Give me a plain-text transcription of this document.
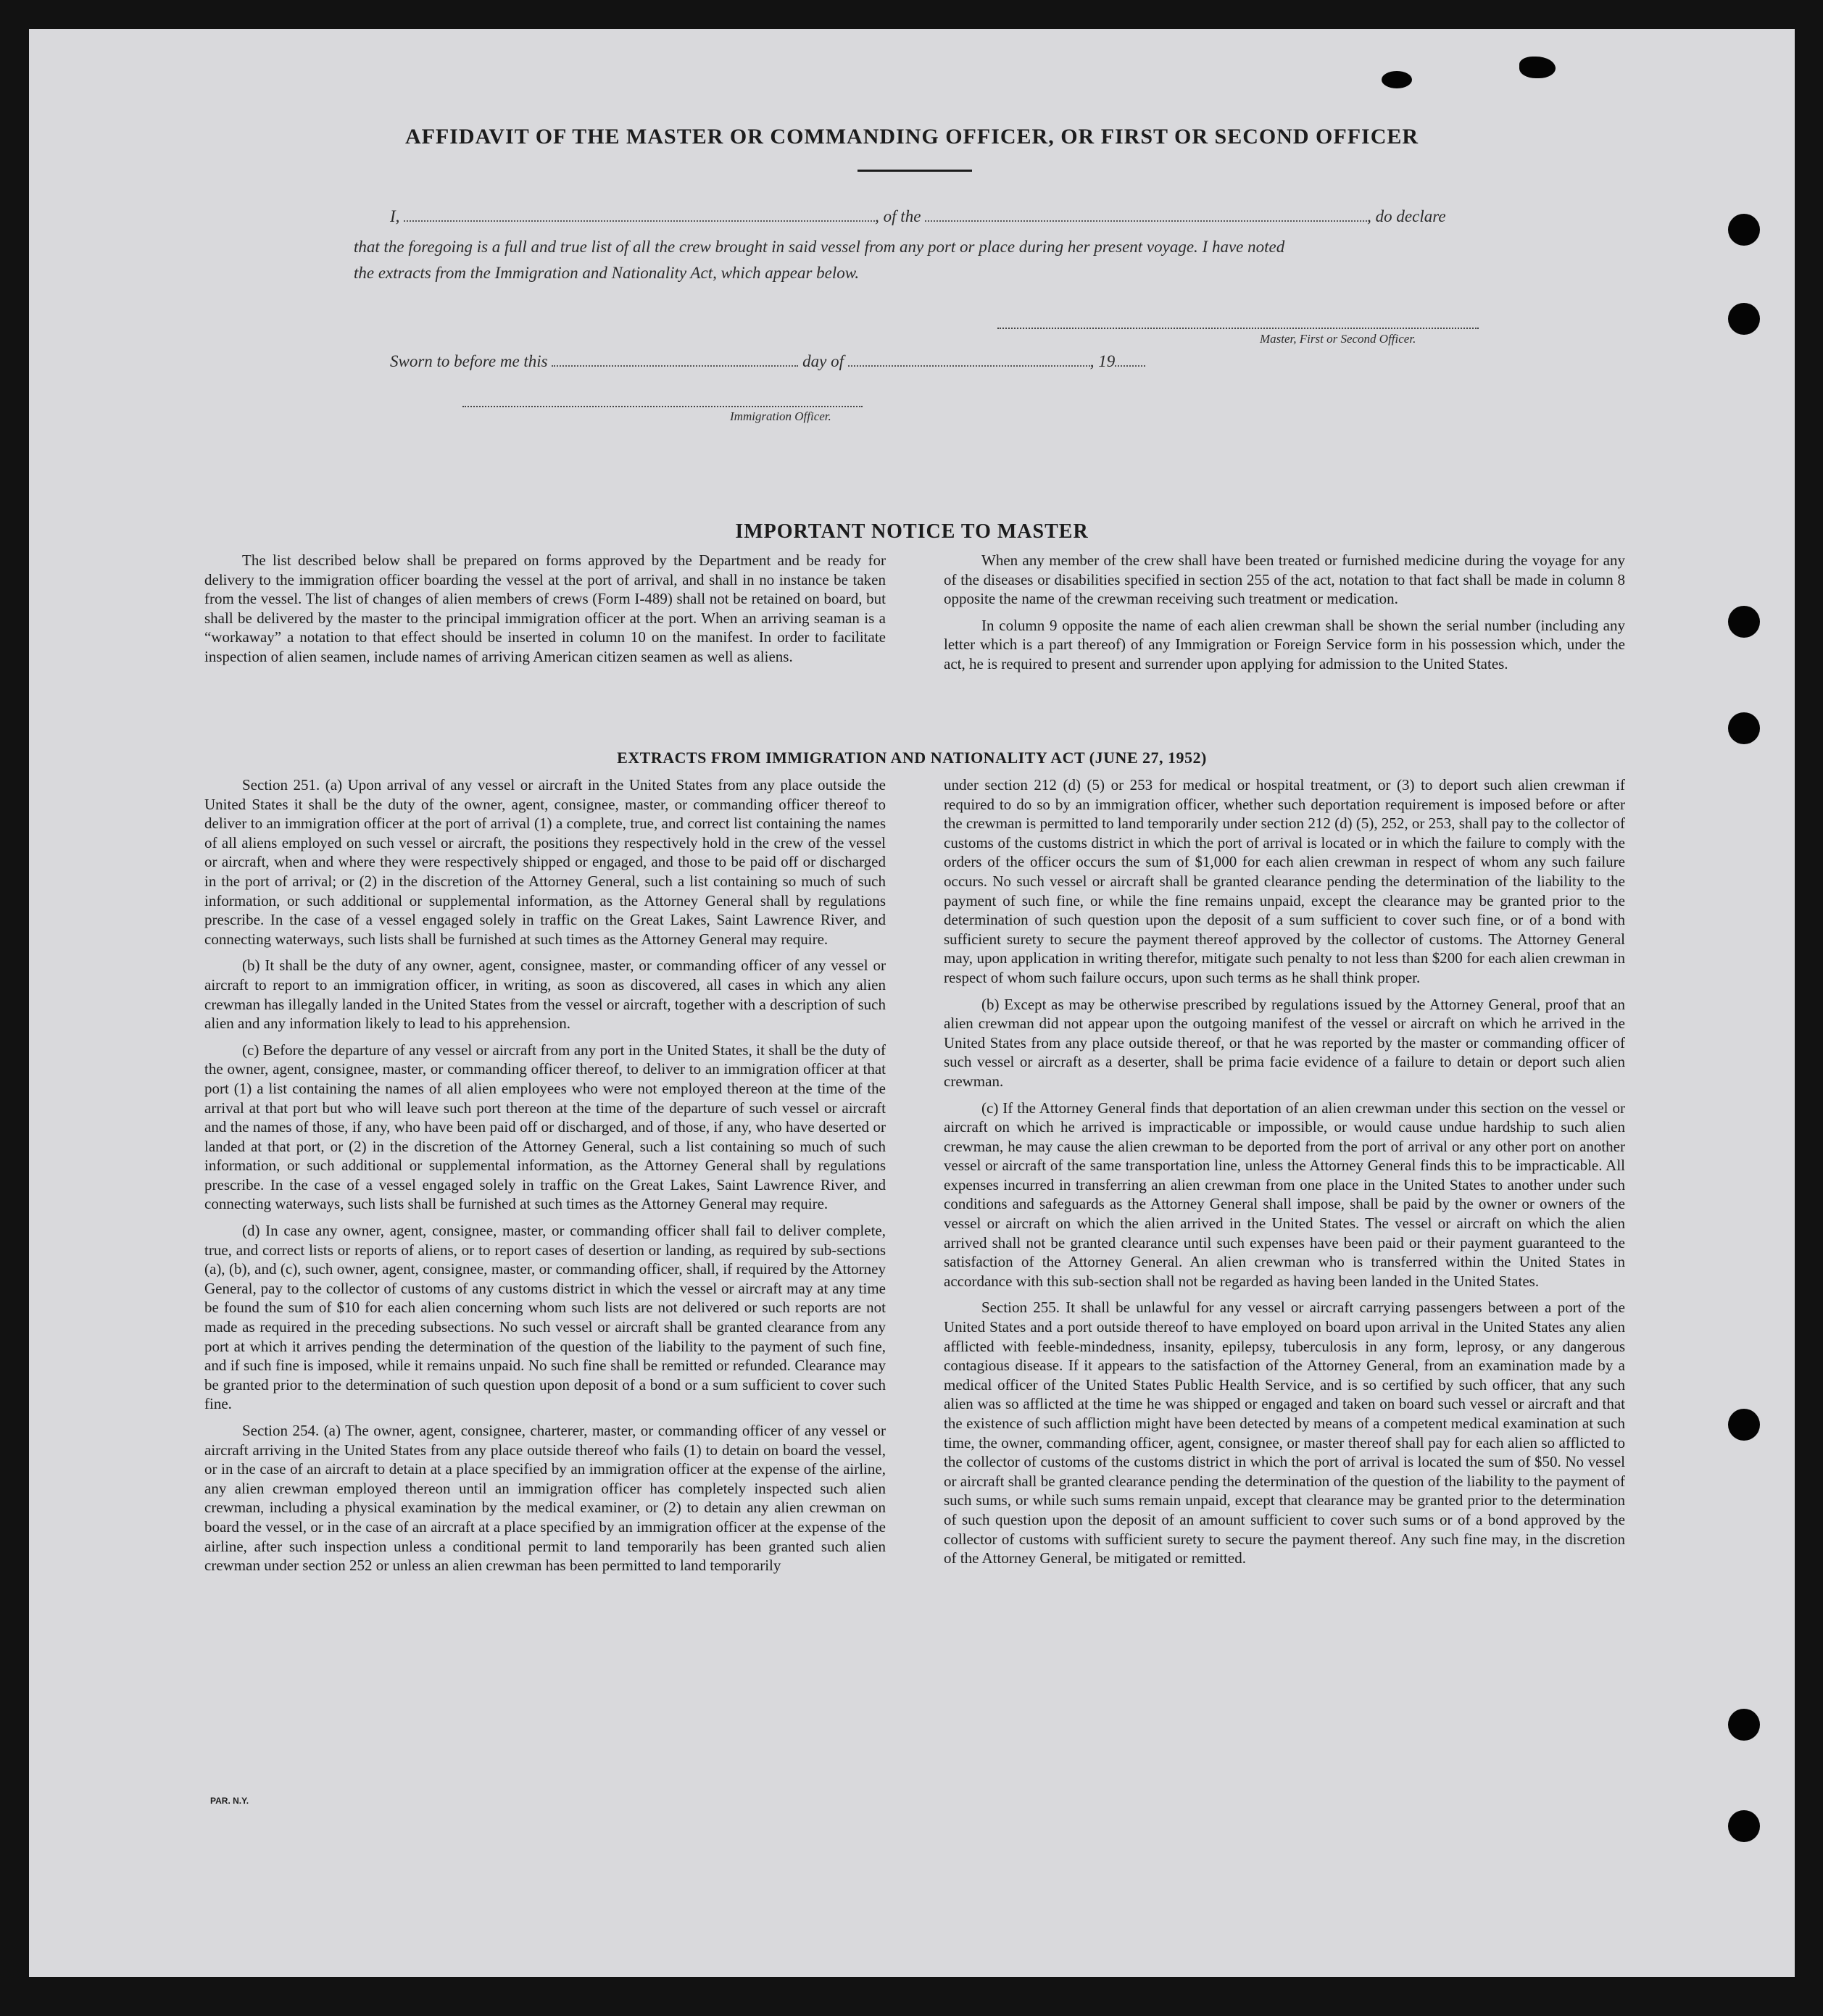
AFFIDAVIT OF THE MASTER OR COMMANDING OFFICER, OR FIRST OR SECOND OFFICER
I,	, of the	, do declare
that the foregoing is a full and true list of all the crew brought in said vessel from any port or place during her present voyage. I have noted
the extracts from the Immigration and Nationality Act, which appear below.
Master, First or Second Officer.
Sworn to before me this	day of	, 19
Immigration Officer.
IMPORTANT NOTICE TO MASTER

The list described below shall be prepared on forms approved by the Department and be ready for delivery to the immigration officer boarding the vessel at the port of arrival, and shall in no instance be taken from the vessel. The list of changes of alien members of crews (Form I-489) shall not be retained on board, but shall be delivered by the master to the principal immigration officer at the port. When an arriving seaman is a “workaway” a notation to that effect should be inserted in column 10 on the manifest. In order to facilitate inspection of alien seamen, include names of arriving American citizen seamen as well as aliens.

When any member of the crew shall have been treated or furnished medicine during the voyage for any of the diseases or disabilities specified in section 255 of the act, notation to that fact shall be made in column 8 opposite the name of the crewman receiving such treatment or medication.

In column 9 opposite the name of each alien crewman shall be shown the serial number (including any letter which is a part thereof) of any Immigration or Foreign Service form in his possession which, under the act, he is required to present and surrender upon applying for admission to the United States.

EXTRACTS FROM IMMIGRATION AND NATIONALITY ACT (JUNE 27, 1952)

Section 251. (a) Upon arrival of any vessel or aircraft in the United States from any place outside the United States it shall be the duty of the owner, agent, consignee, master, or commanding officer thereof to deliver to an immigration officer at the port of arrival (1) a complete, true, and correct list containing the names of all aliens employed on such vessel or aircraft, the positions they respectively hold in the crew of the vessel or aircraft, when and where they were respectively shipped or engaged, and those to be paid off or discharged in the port of arrival; or (2) in the discretion of the Attorney General, such a list containing so much of such information, or such additional or supplemental information, as the Attorney General shall by regulations prescribe. In the case of a vessel engaged solely in traffic on the Great Lakes, Saint Lawrence River, and connecting waterways, such lists shall be furnished at such times as the Attorney General may require.

(b) It shall be the duty of any owner, agent, consignee, master, or commanding officer of any vessel or aircraft to report to an immigration officer, in writing, as soon as discovered, all cases in which any alien crewman has illegally landed in the United States from the vessel or aircraft, together with a description of such alien and any information likely to lead to his apprehension.

(c) Before the departure of any vessel or aircraft from any port in the United States, it shall be the duty of the owner, agent, consignee, master, or commanding officer thereof, to deliver to an immigration officer at that port (1) a list containing the names of all alien employees who were not employed thereon at the time of the arrival at that port but who will leave such port thereon at the time of the departure of such vessel or aircraft and the names of those, if any, who have been paid off or discharged, and of those, if any, who have deserted or landed at that port, or (2) in the discretion of the Attorney General, such a list containing so much of such information, or such additional or supplemental information, as the Attorney General shall by regulations prescribe. In the case of a vessel engaged solely in traffic on the Great Lakes, Saint Lawrence River, and connecting waterways, such lists shall be furnished at such times as the Attorney General may require.

(d) In case any owner, agent, consignee, master, or commanding officer shall fail to deliver complete, true, and correct lists or reports of aliens, or to report cases of desertion or landing, as required by sub-sections (a), (b), and (c), such owner, agent, consignee, master, or commanding officer, shall, if required by the Attorney General, pay to the collector of customs of any customs district in which the vessel or aircraft may at any time be found the sum of $10 for each alien concerning whom such lists are not delivered or such reports are not made as required in the preceding subsections. No such vessel or aircraft shall be granted clearance from any port at which it arrives pending the determination of the question of the liability to the payment of such fine, and if such fine is imposed, while it remains unpaid. No such fine shall be remitted or refunded. Clearance may be granted prior to the determination of such question upon deposit of a bond or a sum sufficient to cover such fine.

Section 254. (a) The owner, agent, consignee, charterer, master, or commanding officer of any vessel or aircraft arriving in the United States from any place outside thereof who fails (1) to detain on board the vessel, or in the case of an aircraft to detain at a place specified by an immigration officer at the expense of the airline, any alien crewman employed thereon until an immigration officer has completely inspected such alien crewman, including a physical examination by the medical examiner, or (2) to detain any alien crewman on board the vessel, or in the case of an aircraft at a place specified by an immigration officer at the expense of the airline, after such inspection unless a conditional permit to land temporarily has been granted such alien crewman under section 252 or unless an alien crewman has been permitted to land temporarily

under section 212 (d) (5) or 253 for medical or hospital treatment, or (3) to deport such alien crewman if required to do so by an immigration officer, whether such deportation requirement is imposed before or after the crewman is permitted to land temporarily under section 212 (d) (5), 252, or 253, shall pay to the collector of customs of the customs district in which the port of arrival is located or in which the failure to comply with the orders of the officer occurs the sum of $1,000 for each alien crewman in respect of whom any such failure occurs. No such vessel or aircraft shall be granted clearance pending the determination of the liability to the payment of such fine, or while the fine remains unpaid, except the clearance may be granted prior to the determination of such question upon the deposit of a sum sufficient to cover such fine, or of a bond with sufficient surety to secure the payment thereof approved by the collector of customs. The Attorney General may, upon application in writing therefor, mitigate such penalty to not less than $200 for each alien crewman in respect of whom such failure occurs, upon such terms as he shall think proper.

(b) Except as may be otherwise prescribed by regulations issued by the Attorney General, proof that an alien crewman did not appear upon the outgoing manifest of the vessel or aircraft on which he arrived in the United States from any place outside thereof, or that he was reported by the master or commanding officer of such vessel or aircraft as a deserter, shall be prima facie evidence of a failure to detain or deport such alien crewman.

(c) If the Attorney General finds that deportation of an alien crewman under this section on the vessel or aircraft on which he arrived is impracticable or impossible, or would cause undue hardship to such alien crewman, he may cause the alien crewman to be deported from the port of arrival or any other port on another vessel or aircraft of the same transportation line, unless the Attorney General finds this to be impracticable. All expenses incurred in transferring an alien crewman from one place in the United States to another under such conditions and safeguards as the Attorney General shall impose, shall be paid by the owner or owners of the vessel or aircraft on which the alien arrived in the United States. The vessel or aircraft on which the alien arrived shall not be granted clearance until such expenses have been paid or their payment guaranteed to the satisfaction of the Attorney General. An alien crewman who is transferred within the United States in accordance with this sub-section shall not be regarded as having been landed in the United States.

Section 255. It shall be unlawful for any vessel or aircraft carrying passengers between a port of the United States and a port outside thereof to have employed on board upon arrival in the United States any alien afflicted with feeble-mindedness, insanity, epilepsy, tuberculosis in any form, leprosy, or any dangerous contagious disease. If it appears to the satisfaction of the Attorney General, from an examination made by a medical officer of the United States Public Health Service, and is so certified by such officer, that any such alien was so afflicted at the time he was shipped or engaged and taken on board such vessel or aircraft and that the existence of such affliction might have been detected by means of a competent medical examination at such time, the owner, commanding officer, agent, consignee, or master thereof shall pay for each alien so afflicted to the collector of customs of the customs district in which the port of arrival is located the sum of $50. No vessel or aircraft shall be granted clearance pending the determination of the question of the liability to the payment of such sums, or while such sums remain unpaid, except that clearance may be granted prior to the determination of such question upon the deposit of an amount sufficient to cover such sums or of a bond approved by the collector of customs with sufficient surety to secure the payment thereof. Any such fine may, in the discretion of the Attorney General, be mitigated or remitted.

PAR. N.Y.
